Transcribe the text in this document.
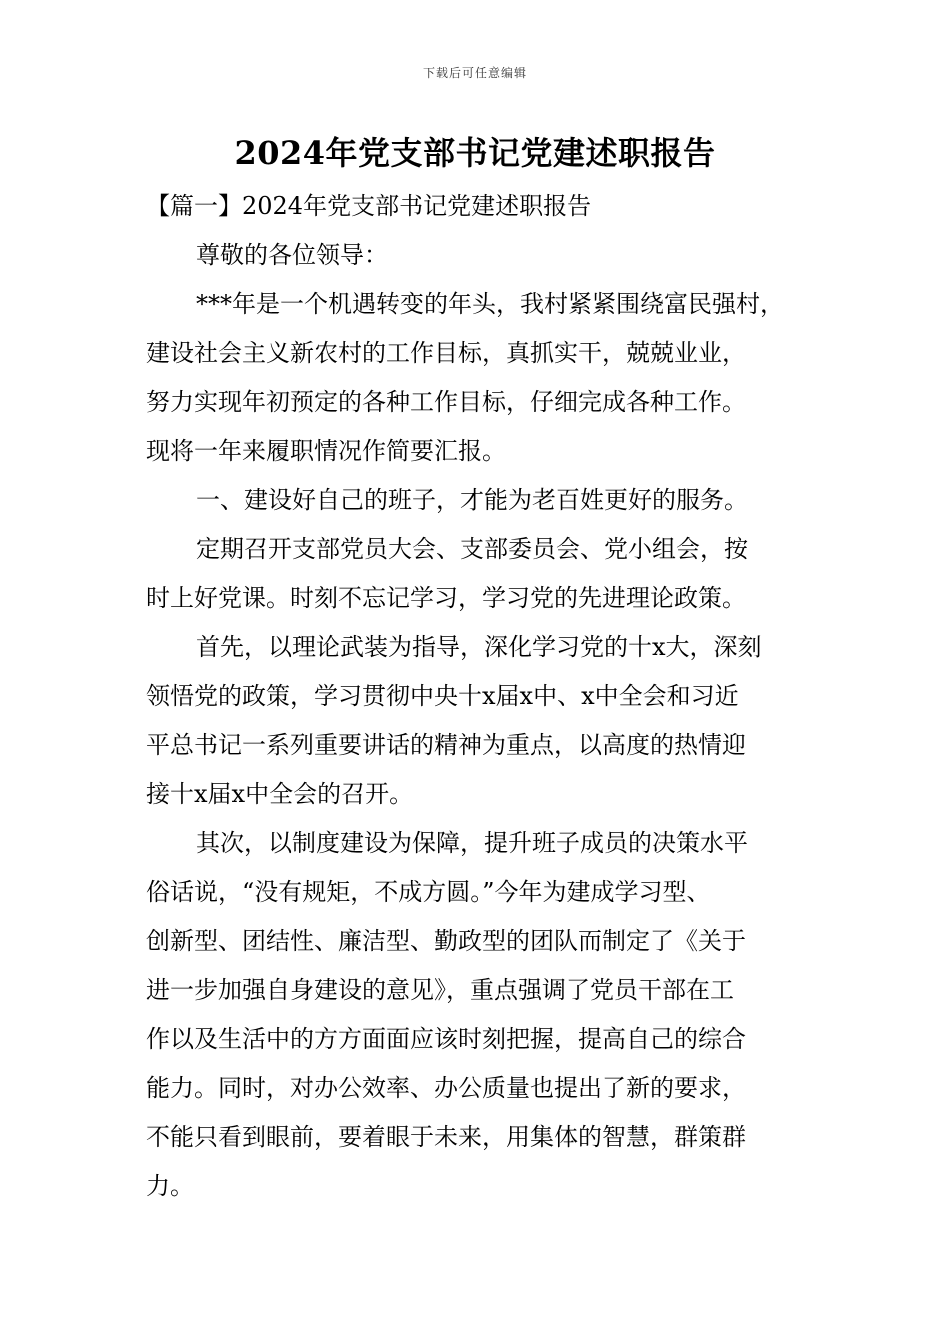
下载后可任意编辑
2024年党支部书记党建述职报告

【篇一】2024年党支部书记党建述职报告

尊敬的各位领导：

***年是一个机遇转变的年头，我村紧紧围绕富民强村，
建设社会主义新农村的工作目标，真抓实干，兢兢业业，
努力实现年初预定的各种工作目标，仔细完成各种工作。
现将一年来履职情况作简要汇报。

一、建设好自己的班子，才能为老百姓更好的服务。

定期召开支部党员大会、支部委员会、党小组会，按
时上好党课。时刻不忘记学习，学习党的先进理论政策。

首先，以理论武装为指导，深化学习党的十x大，深刻
领悟党的政策，学习贯彻中央十x届x中、x中全会和习近
平总书记一系列重要讲话的精神为重点，以高度的热情迎
接十x届x中全会的召开。

其次，以制度建设为保障，提升班子成员的决策水平
俗话说，“没有规矩，不成方圆。”今年为建成学习型、
创新型、团结性、廉洁型、勤政型的团队而制定了《关于
进一步加强自身建设的意见》，重点强调了党员干部在工
作以及生活中的方方面面应该时刻把握，提高自己的综合
能力。同时，对办公效率、办公质量也提出了新的要求，
不能只看到眼前，要着眼于未来，用集体的智慧，群策群
力。
